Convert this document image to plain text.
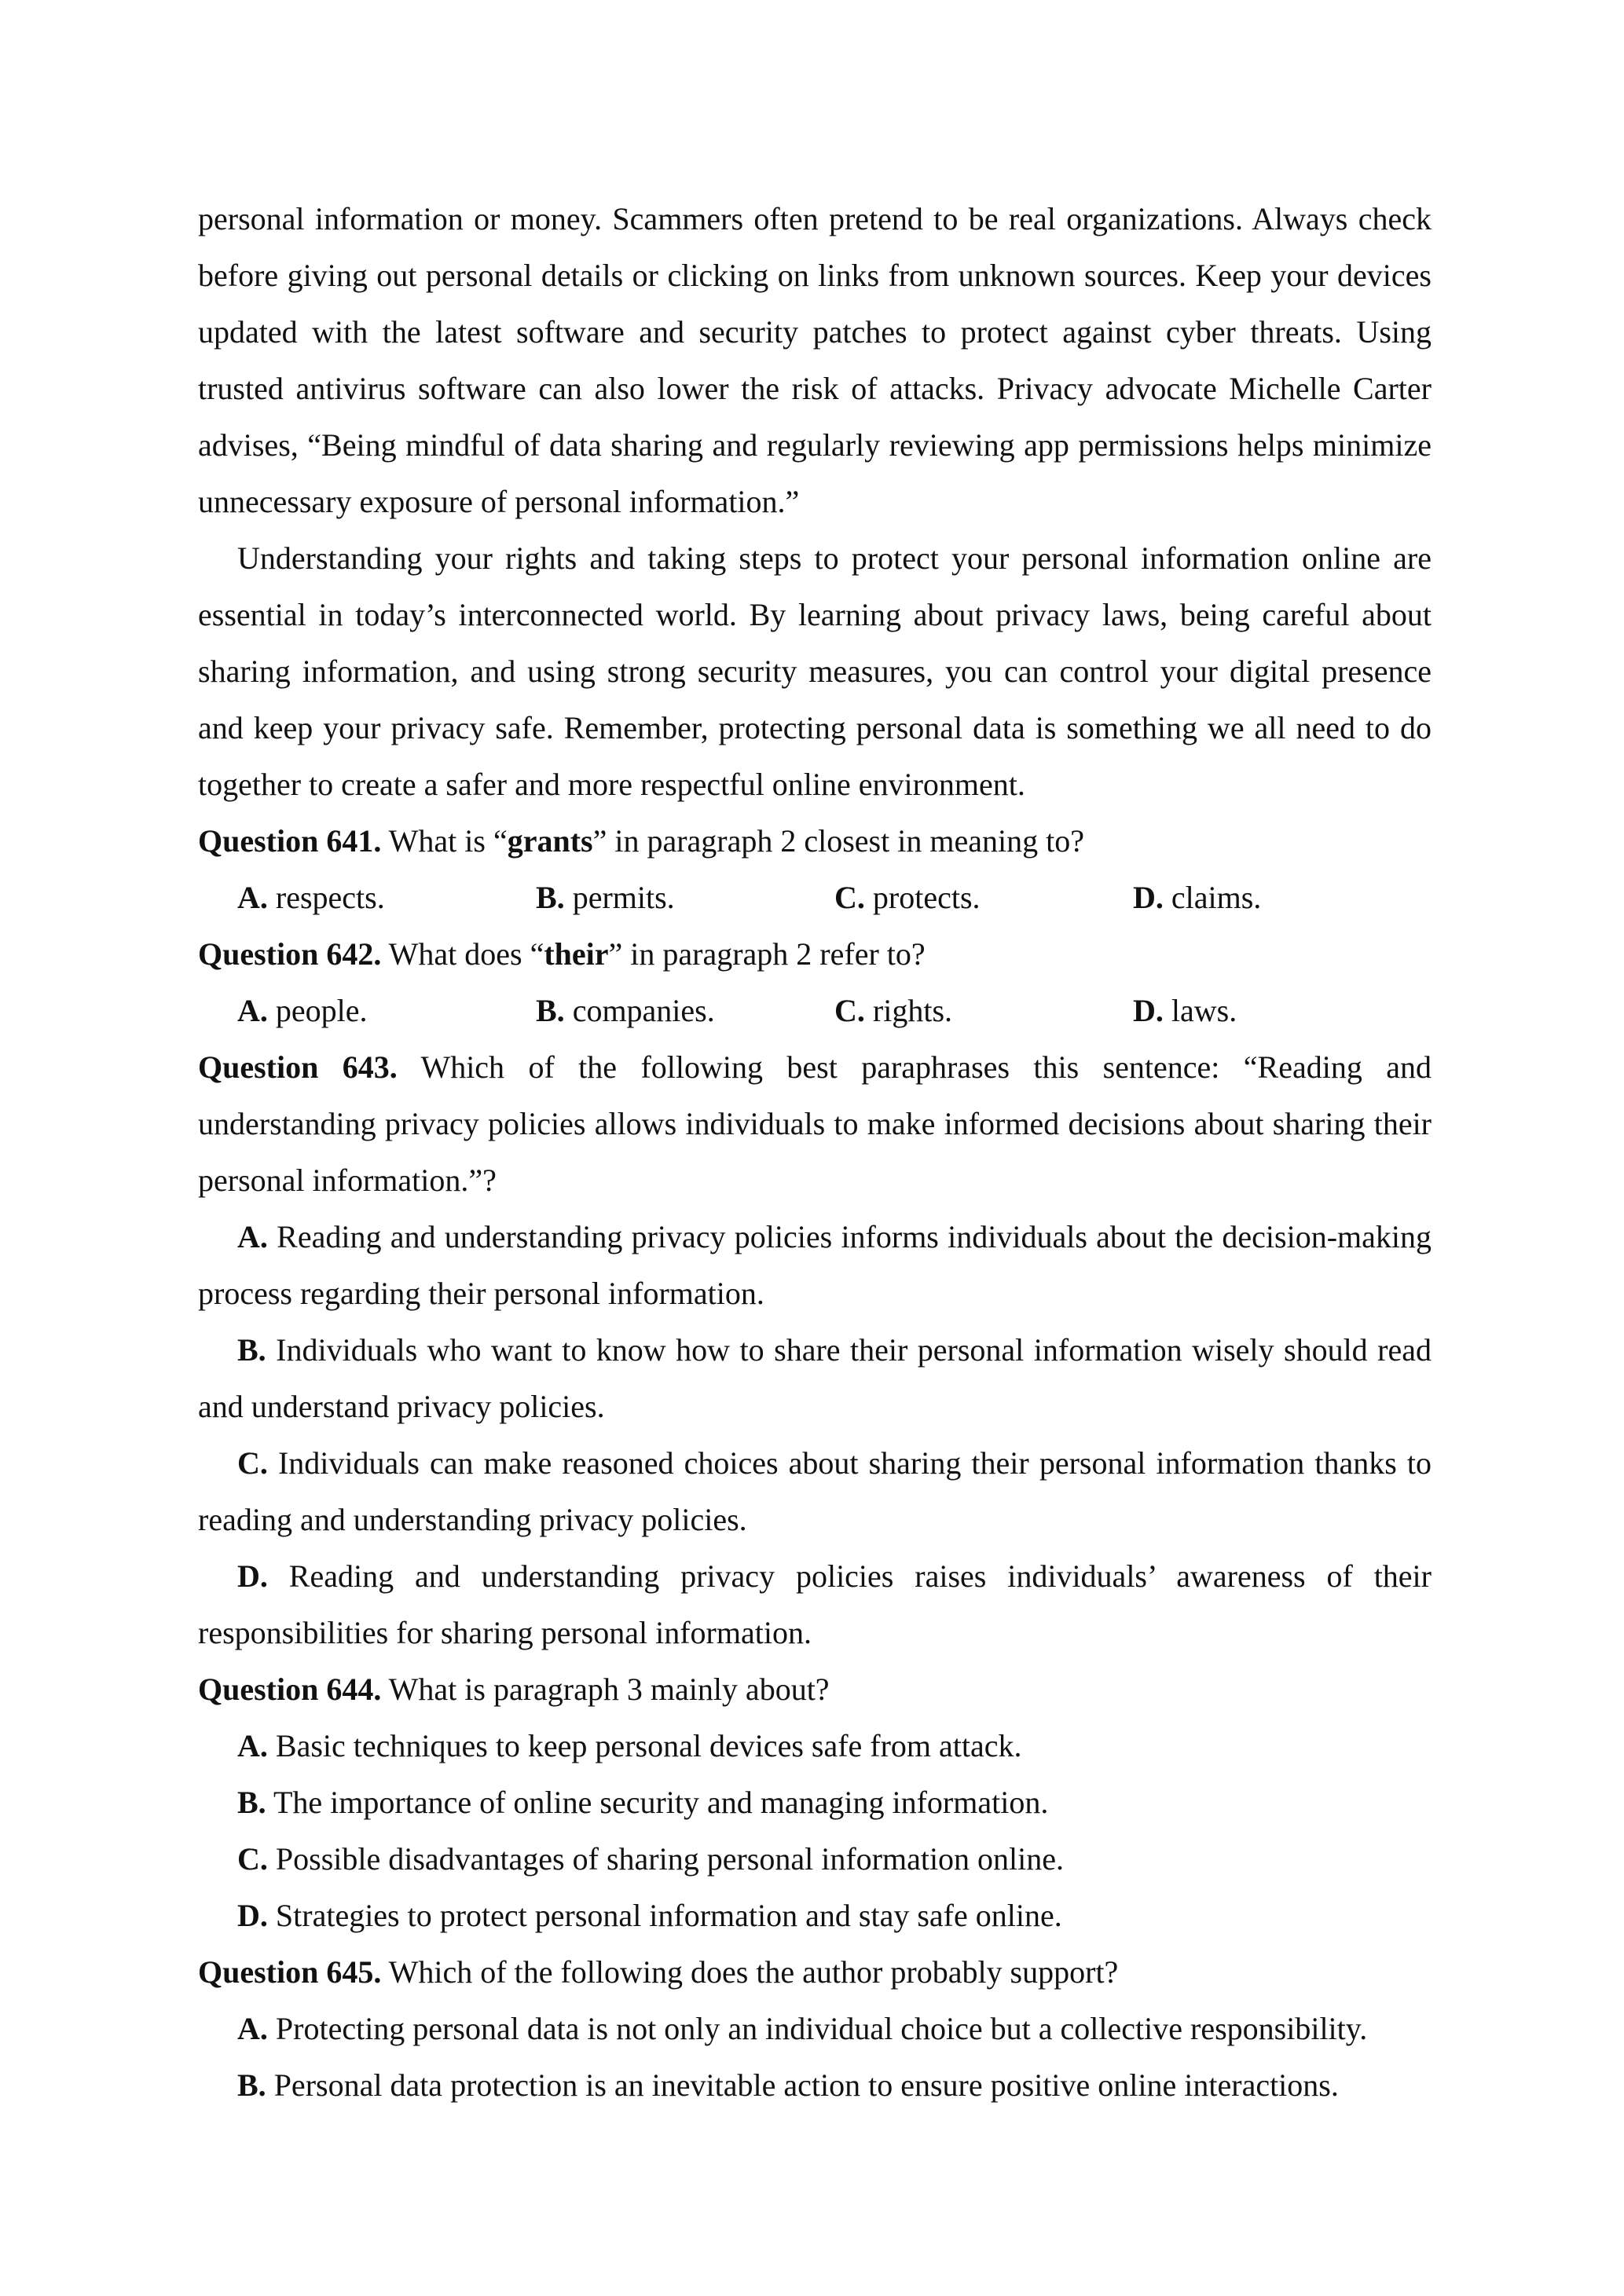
personal information or money. Scammers often pretend to be real organizations. Always check before giving out personal details or clicking on links from unknown sources. Keep your devices updated with the latest software and security patches to protect against cyber threats. Using trusted antivirus software can also lower the risk of attacks. Privacy advocate Michelle Carter advises, “Being mindful of data sharing and regularly reviewing app permissions helps minimize unnecessary exposure of personal information.”

Understanding your rights and taking steps to protect your personal information online are essential in today’s interconnected world. By learning about privacy laws, being careful about sharing information, and using strong security measures, you can control your digital presence and keep your privacy safe. Remember, protecting personal data is something we all need to do together to create a safer and more respectful online environment.

Question 641. What is “grants” in paragraph 2 closest in meaning to?

A. respects.	B. permits.	C. protects.	D. claims.

Question 642. What does “their” in paragraph 2 refer to?

A. people.	B. companies.	C. rights.	D. laws.

Question 643. Which of the following best paraphrases this sentence: “Reading and understanding privacy policies allows individuals to make informed decisions about sharing their personal information.”?

A. Reading and understanding privacy policies informs individuals about the decision-making process regarding their personal information.

B. Individuals who want to know how to share their personal information wisely should read and understand privacy policies.

C. Individuals can make reasoned choices about sharing their personal information thanks to reading and understanding privacy policies.

D. Reading and understanding privacy policies raises individuals’ awareness of their responsibilities for sharing personal information.

Question 644. What is paragraph 3 mainly about?

A. Basic techniques to keep personal devices safe from attack.

B. The importance of online security and managing information.

C. Possible disadvantages of sharing personal information online.

D. Strategies to protect personal information and stay safe online.

Question 645. Which of the following does the author probably support?

A. Protecting personal data is not only an individual choice but a collective responsibility.

B. Personal data protection is an inevitable action to ensure positive online interactions.
